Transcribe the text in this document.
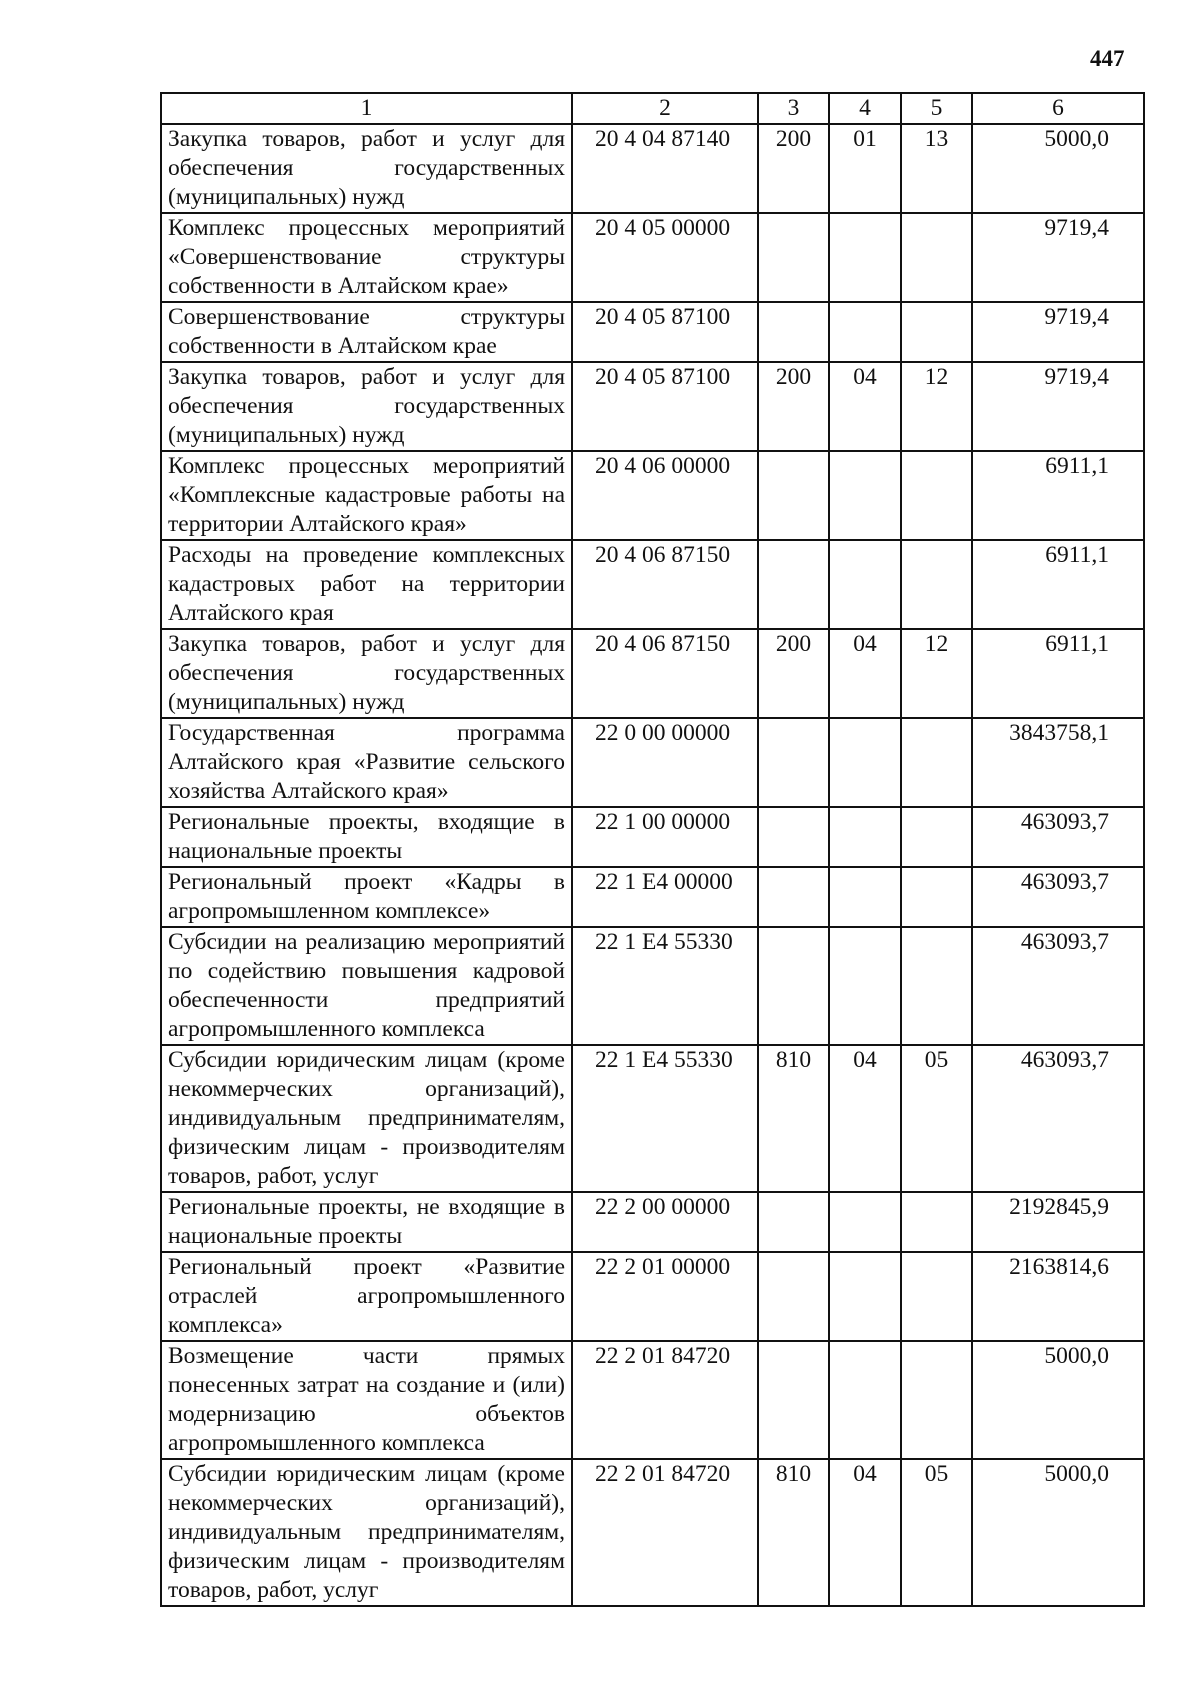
447
1	2	3	4	5	6
Закупка товаров, работ и услуг для обеспечения государственных (муниципальных) нужд	20 4 04 87140	200	01	13	5000,0
Комплекс процессных мероприятий «Совершенствование структуры собственности в Алтайском крае»	20 4 05 00000				9719,4
Совершенствование структуры собственности в Алтайском крае	20 4 05 87100				9719,4
Закупка товаров, работ и услуг для обеспечения государственных (муниципальных) нужд	20 4 05 87100	200	04	12	9719,4
Комплекс процессных мероприятий «Комплексные кадастровые работы на территории Алтайского края»	20 4 06 00000				6911,1
Расходы на проведение комплексных кадастровых работ на территории Алтайского края	20 4 06 87150				6911,1
Закупка товаров, работ и услуг для обеспечения государственных (муниципальных) нужд	20 4 06 87150	200	04	12	6911,1
Государственная программа Алтайского края «Развитие сельского хозяйства Алтайского края»	22 0 00 00000				3843758,1
Региональные проекты, входящие в национальные проекты	22 1 00 00000				463093,7
Региональный проект «Кадры в агропромышленном комплексе»	22 1 Е4 00000				463093,7
Субсидии на реализацию мероприятий по содействию повышения кадровой обеспеченности предприятий агропромышленного комплекса	22 1 Е4 55330				463093,7
Субсидии юридическим лицам (кроме некоммерческих организаций), индивидуальным предпринимателям, физическим лицам - производителям товаров, работ, услуг	22 1 Е4 55330	810	04	05	463093,7
Региональные проекты, не входящие в национальные проекты	22 2 00 00000				2192845,9
Региональный проект «Развитие отраслей агропромышленного комплекса»	22 2 01 00000				2163814,6
Возмещение части прямых понесенных затрат на создание и (или) модернизацию объектов агропромышленного комплекса	22 2 01 84720				5000,0
Субсидии юридическим лицам (кроме некоммерческих организаций), индивидуальным предпринимателям, физическим лицам - производителям товаров, работ, услуг	22 2 01 84720	810	04	05	5000,0
